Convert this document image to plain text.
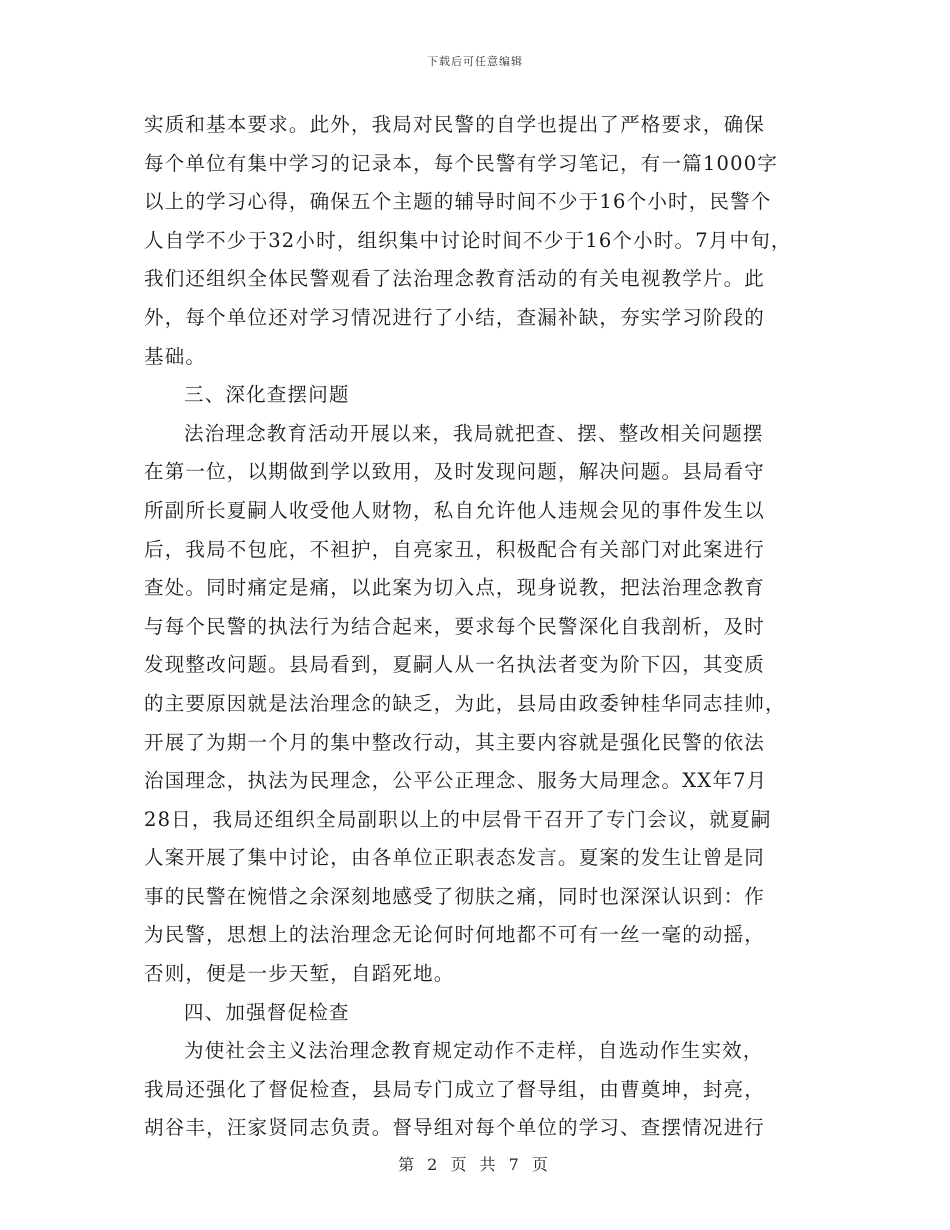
下载后可任意编辑
实质和基本要求。此外，我局对民警的自学也提出了严格要求，确保
每个单位有集中学习的记录本，每个民警有学习笔记，有一篇1000字
以上的学习心得，确保五个主题的辅导时间不少于16个小时，民警个
人自学不少于32小时，组织集中讨论时间不少于16个小时。7月中旬，
我们还组织全体民警观看了法治理念教育活动的有关电视教学片。此
外，每个单位还对学习情况进行了小结，查漏补缺，夯实学习阶段的
基础。
三、深化查摆问题
法治理念教育活动开展以来，我局就把查、摆、整改相关问题摆
在第一位，以期做到学以致用，及时发现问题，解决问题。县局看守
所副所长夏嗣人收受他人财物，私自允许他人违规会见的事件发生以
后，我局不包庇，不袒护，自亮家丑，积极配合有关部门对此案进行
查处。同时痛定是痛，以此案为切入点，现身说教，把法治理念教育
与每个民警的执法行为结合起来，要求每个民警深化自我剖析，及时
发现整改问题。县局看到，夏嗣人从一名执法者变为阶下囚，其变质
的主要原因就是法治理念的缺乏，为此，县局由政委钟桂华同志挂帅，
开展了为期一个月的集中整改行动，其主要内容就是强化民警的依法
治国理念，执法为民理念，公平公正理念、服务大局理念。XX年7月
28日，我局还组织全局副职以上的中层骨干召开了专门会议，就夏嗣
人案开展了集中讨论，由各单位正职表态发言。夏案的发生让曾是同
事的民警在惋惜之余深刻地感受了彻肤之痛，同时也深深认识到：作
为民警，思想上的法治理念无论何时何地都不可有一丝一毫的动摇，
否则，便是一步天堑，自蹈死地。
四、加强督促检查
为使社会主义法治理念教育规定动作不走样，自选动作生实效，
我局还强化了督促检查，县局专门成立了督导组，由曹奠坤，封亮，
胡谷丰，汪家贤同志负责。督导组对每个单位的学习、查摆情况进行
第 2 页 共 7 页
